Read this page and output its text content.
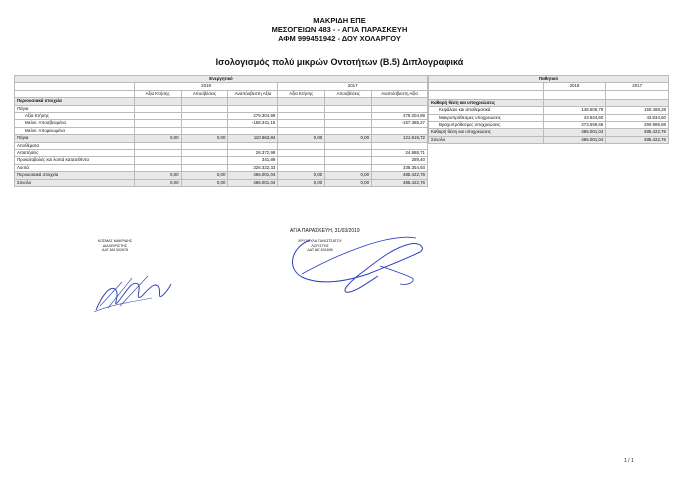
ΜΑΚΡΙΔΗ ΕΠΕ
ΜΕΣΟΓΕΙΩΝ 483 - - ΑΓΙΑ ΠΑΡΑΣΚΕΥΗ
ΑΦΜ 999451942 - ΔΟΥ ΧΟΛΑΡΓΟΥ
Ισολογισμός πολύ μικρών Οντοτήτων (Β.5) Διπλογραφικά
Ενεργητικό						
	2018			2017		
	Αξία Κτήσης	Αποσβέσεις	Αναπόσβεστη Αξία	Αξία Κτήσης	Αποσβέσεις	Αναπόσβεστη Αξία
Περιουσιακά στοιχεία						
Πάγια						
Αξία Κτήσης			279.304,99			279.304,99
Μείον: Αποσβεσμένα			-168.341,15			-157.385,27
Μείον: Απομειωμένα						
Πάγια	0,00	0,00	110.963,84	0,00	0,00	121.919,72
Αποθέματα						
Απαιτήσεις			28.372,98			24.888,71
Προκαταβολές και λοιπά κατατεθέντα			341,89			259,40
Λοιπά			326.322,33			338.354,93
Περιουσιακά στοιχεία	0,00	0,00	466.001,04	0,00	0,00	485.422,76
Σύνολο	0,00	0,00	466.001,04	0,00	0,00	485.422,76
Παθητικό		
	2018	2017

Καθαρή θέση και υποχρεώσεις		
Κεφάλαιο και αποθεματικά	148.506,78	150.498,28
Μακροπρόθεσμες υποχρεώσεις	43.934,60	43.934,60
Βραχυπρόθεσμες υποχρεώσεις	273.559,66	290.989,88
Καθαρή θέση και υποχρεώσεις	466.001,04	485.422,76
Σύνολο	466.001,04	485.422,76
ΑΓΙΑ ΠΑΡΑΣΚΕΥΗ, 31/03/2019
ΚΟΣΜΑΣ ΜΑΚΡΙΔΗΣ
ΔΙΑΧΕΙΡΙΣΤΗΣ
ΑΔΤ ΑΜ 002678
ΧΡΥΣΟΥΛΑ ΓΑΛΙΩΤΣΑΤΟΥ
ΛΟΓΙΣΤΗΣ
ΑΔΤ ΑΕ 631696
1 / 1
